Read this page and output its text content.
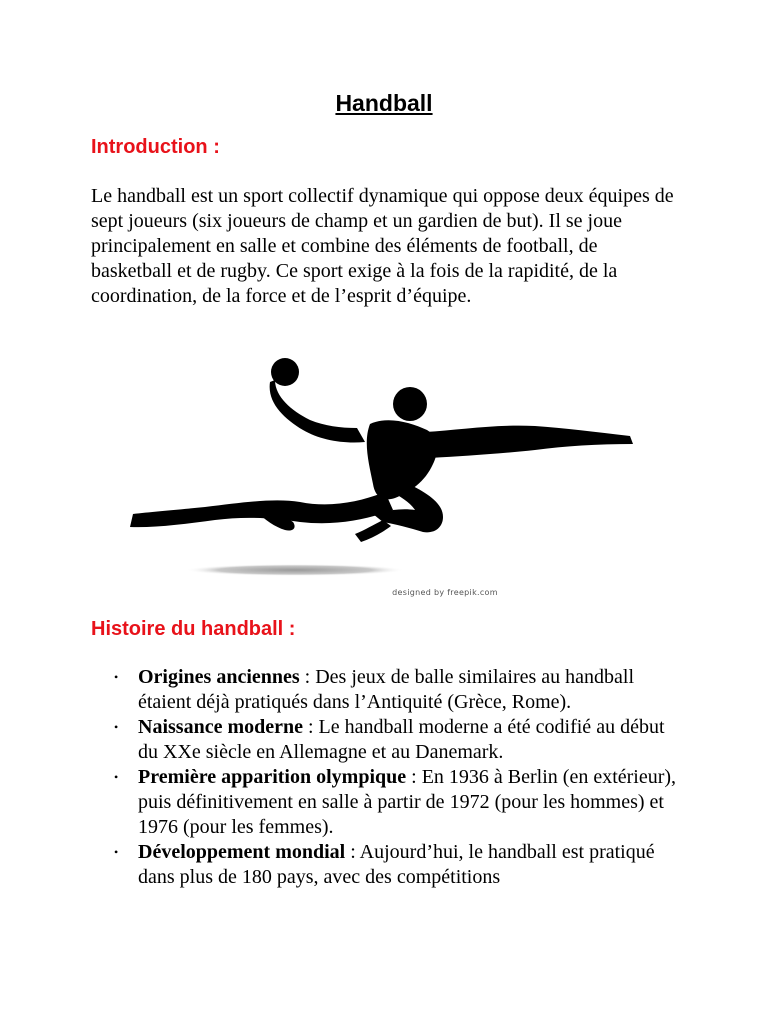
Handball
Introduction :

Le handball est un sport collectif dynamique qui oppose deux équipes de sept joueurs (six joueurs de champ et un gardien de but). Il se joue principalement en salle et combine des éléments de football, de basketball et de rugby. Ce sport exige à la fois de la rapidité, de la coordination, de la force et de l’esprit d’équipe.

designed by freepik.com
Histoire du handball :
• Origines anciennes : Des jeux de balle similaires au handball étaient déjà pratiqués dans l’Antiquité (Grèce, Rome).
• Naissance moderne : Le handball moderne a été codifié au début du XXe siècle en Allemagne et au Danemark.
• Première apparition olympique : En 1936 à Berlin (en extérieur), puis définitivement en salle à partir de 1972 (pour les hommes) et 1976 (pour les femmes).
• Développement mondial : Aujourd’hui, le handball est pratiqué dans plus de 180 pays, avec des compétitions
